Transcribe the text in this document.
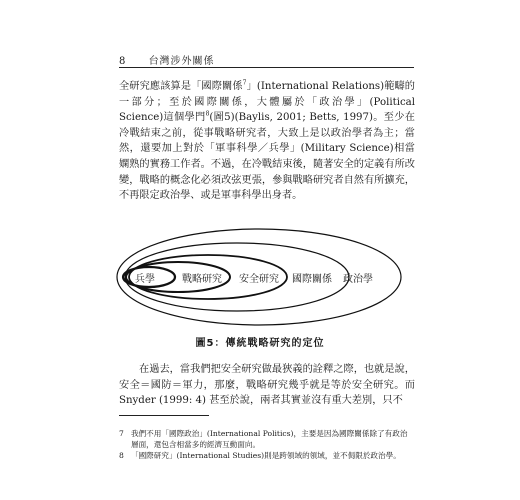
8 台灣涉外關係

全研究應該算是「國際關係$^7$」(International Relations)範疇的一部分；至於國際關係，大體屬於「政治學」(Political Science)這個學門$^8$(圖5)(Baylis, 2001; Betts, 1997)。至少在冷戰結束之前，從事戰略研究者，大致上是以政治學者為主；當然，還要加上對於「軍事科學／兵學」(Military Science)相當嫻熟的實務工作者。不過，在冷戰結束後，隨著安全的定義有所改變，戰略的概念化必須改弦更張，參與戰略研究者自然有所擴充，不再限定政治學、或是軍事科學出身者。

兵學	戰略研究 安全研究 國際關係 政治學
圖5：傳統戰略研究的定位

在過去，當我們把安全研究做最狹義的詮釋之際，也就是說，安全＝國防＝軍力，那麼，戰略研究幾乎就是等於安全研究。而 Snyder (1999: 4) 甚至於說，兩者其實並沒有重大差別，只不

7 我們不用「國際政治」(International Politics)，主要是因為國際關係除了有政治層面，還包含相當多的經濟互動面向。

8 「國際研究」(International Studies)則是跨領域的領域，並不侷限於政治學。
